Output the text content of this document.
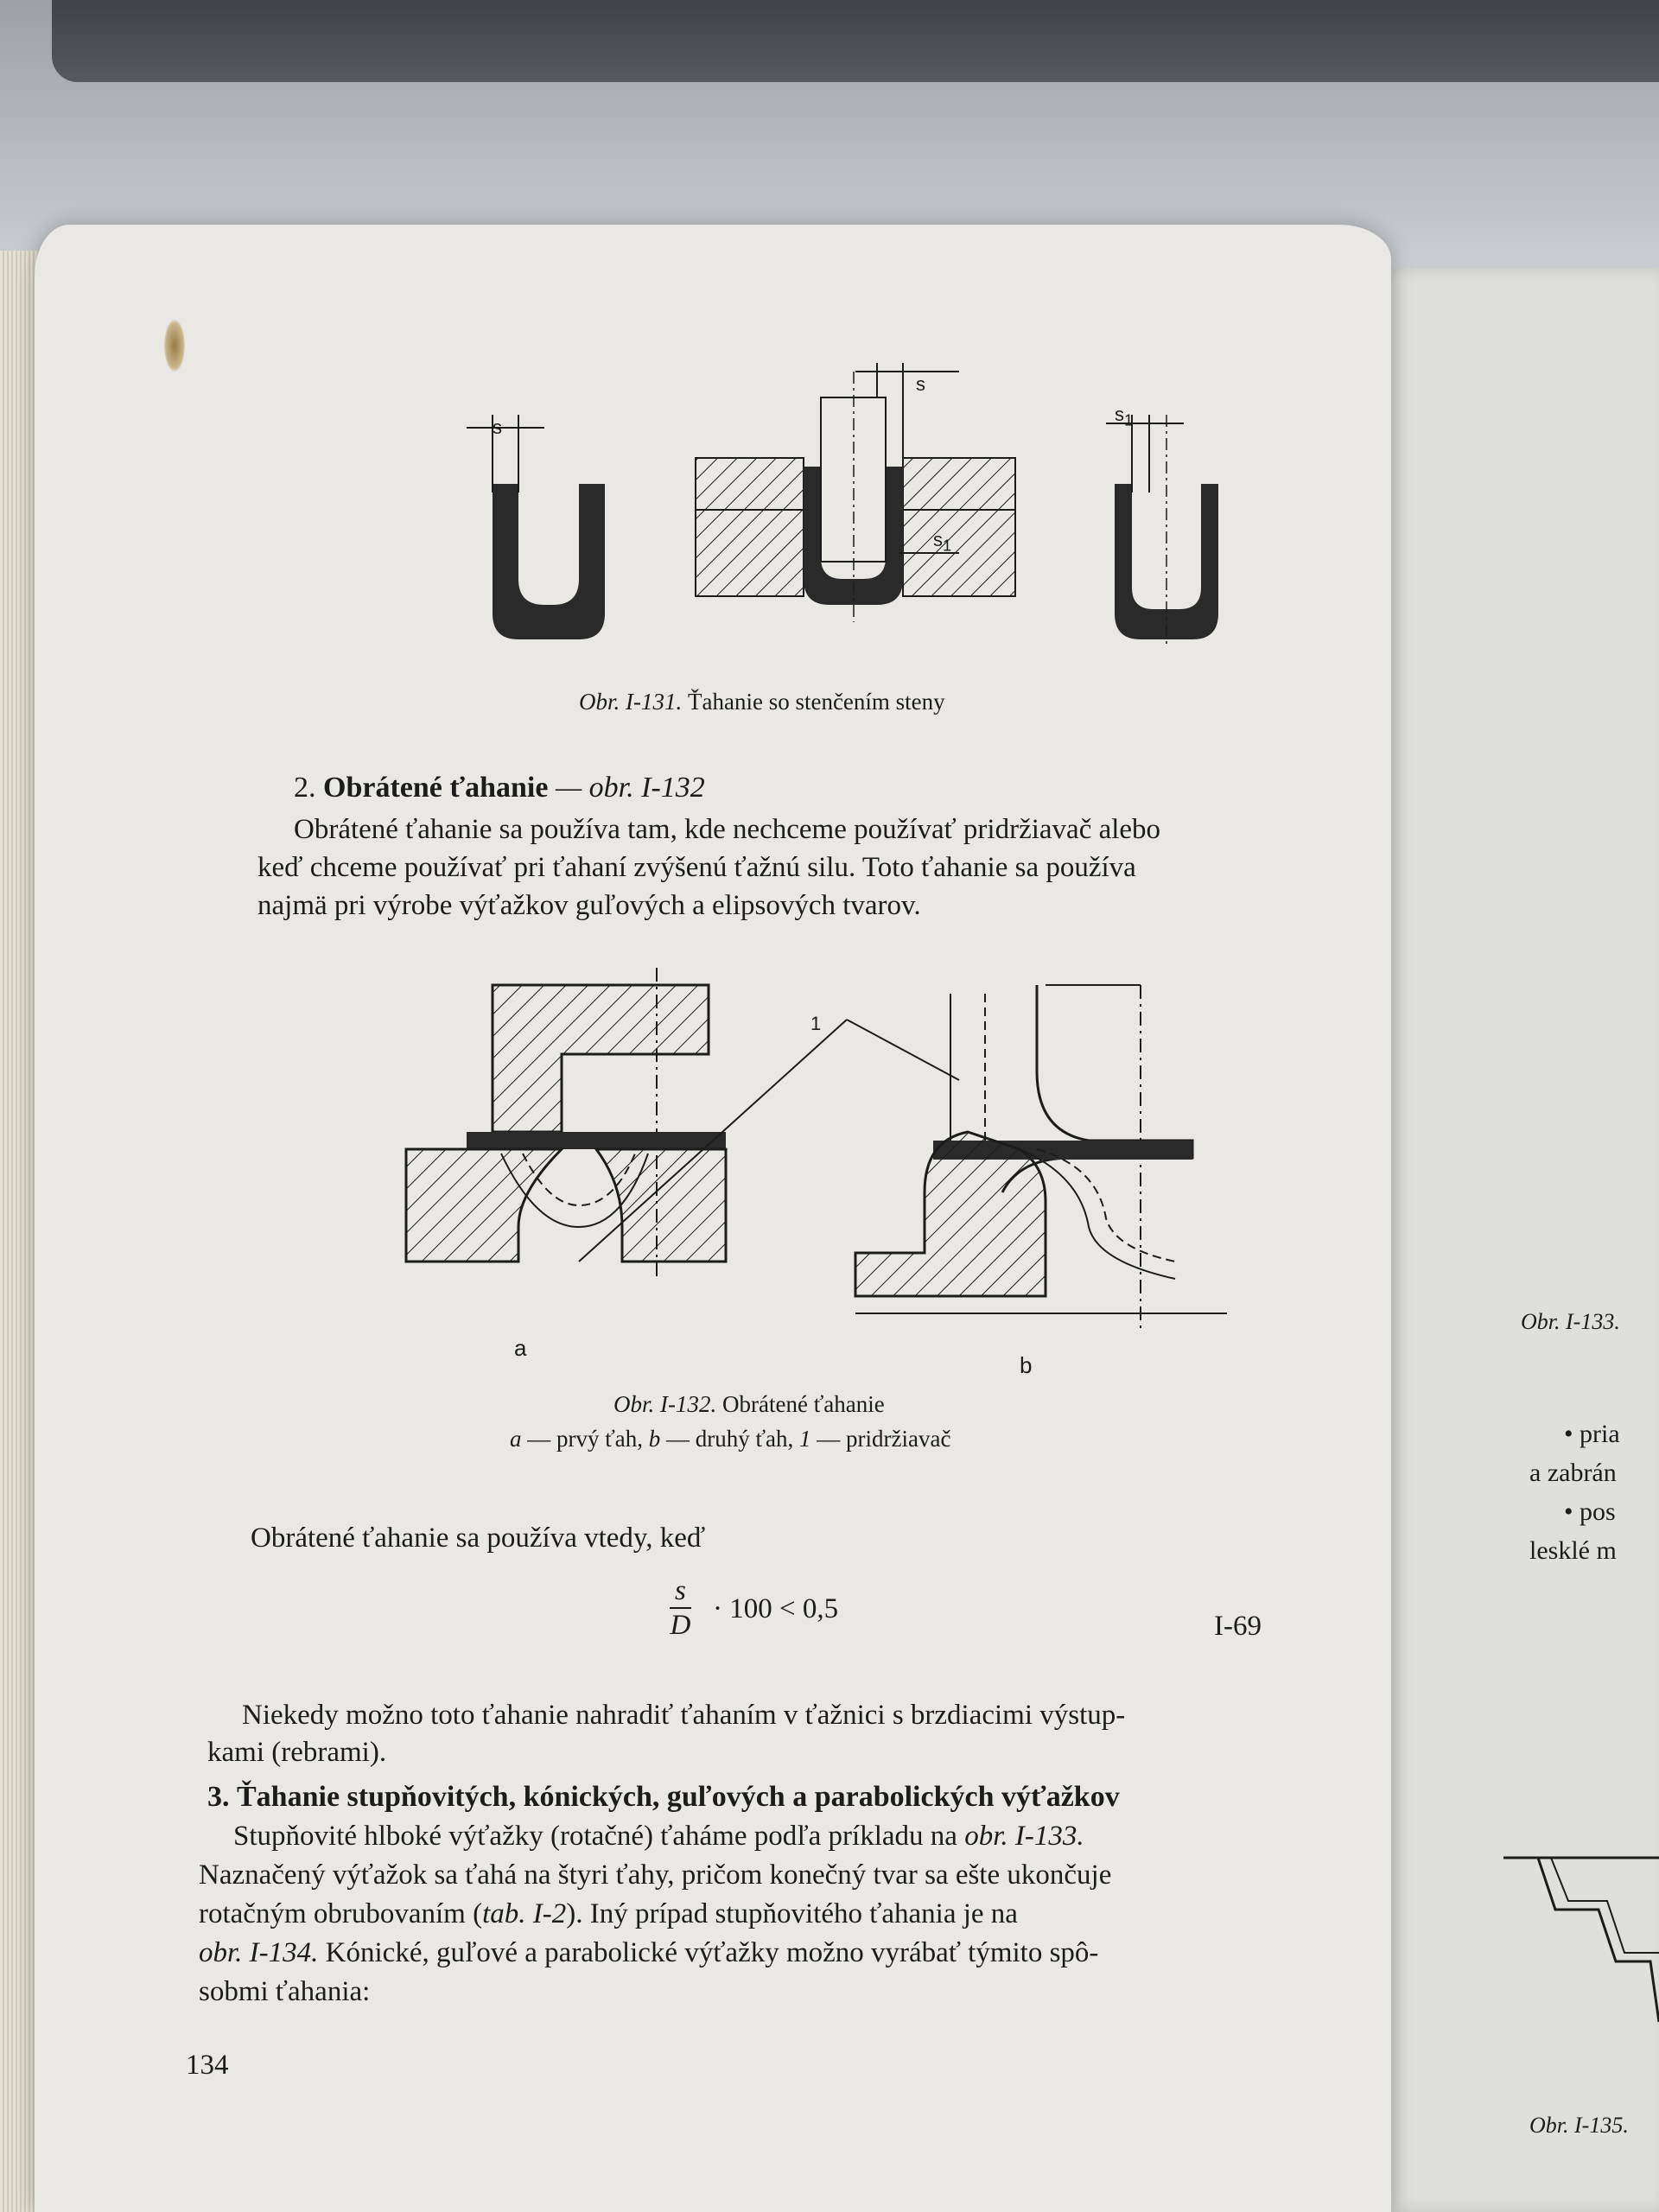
Obr. I-133.
• pria
a zabrán
• pos
lesklé m
Obr. I-135.
s
s
$s_1$
$s_1$
Obr. I-131. Ťahanie so stenčením steny
2. Obrátené ťahanie — obr. I-132
Obrátené ťahanie sa používa tam, kde nechceme používať pridržiavač alebo
keď chceme používať pri ťahaní zvýšenú ťažnú silu. Toto ťahanie sa používa
najmä pri výrobe výťažkov guľových a elipsových tvarov.
a
b
1
Obr. I-132. Obrátené ťahanie
a — prvý ťah, b — druhý ťah, 1 — pridržiavač
Obrátené ťahanie sa používa vtedy, keď
$\frac{s}{D} \cdot 100 < 0,5$
I-69
Niekedy možno toto ťahanie nahradiť ťahaním v ťažnici s brzdiacimi výstup-
kami (rebrami).
3. Ťahanie stupňovitých, kónických, guľových a parabolických výťažkov
Stupňovité hlboké výťažky (rotačné) ťaháme podľa príkladu na obr. I-133.
Naznačený výťažok sa ťahá na štyri ťahy, pričom konečný tvar sa ešte ukončuje
rotačným obrubovaním (tab. I-2). Iný prípad stupňovitého ťahania je na
obr. I-134. Kónické, guľové a parabolické výťažky možno vyrábať týmito spô-
sobmi ťahania:
134
